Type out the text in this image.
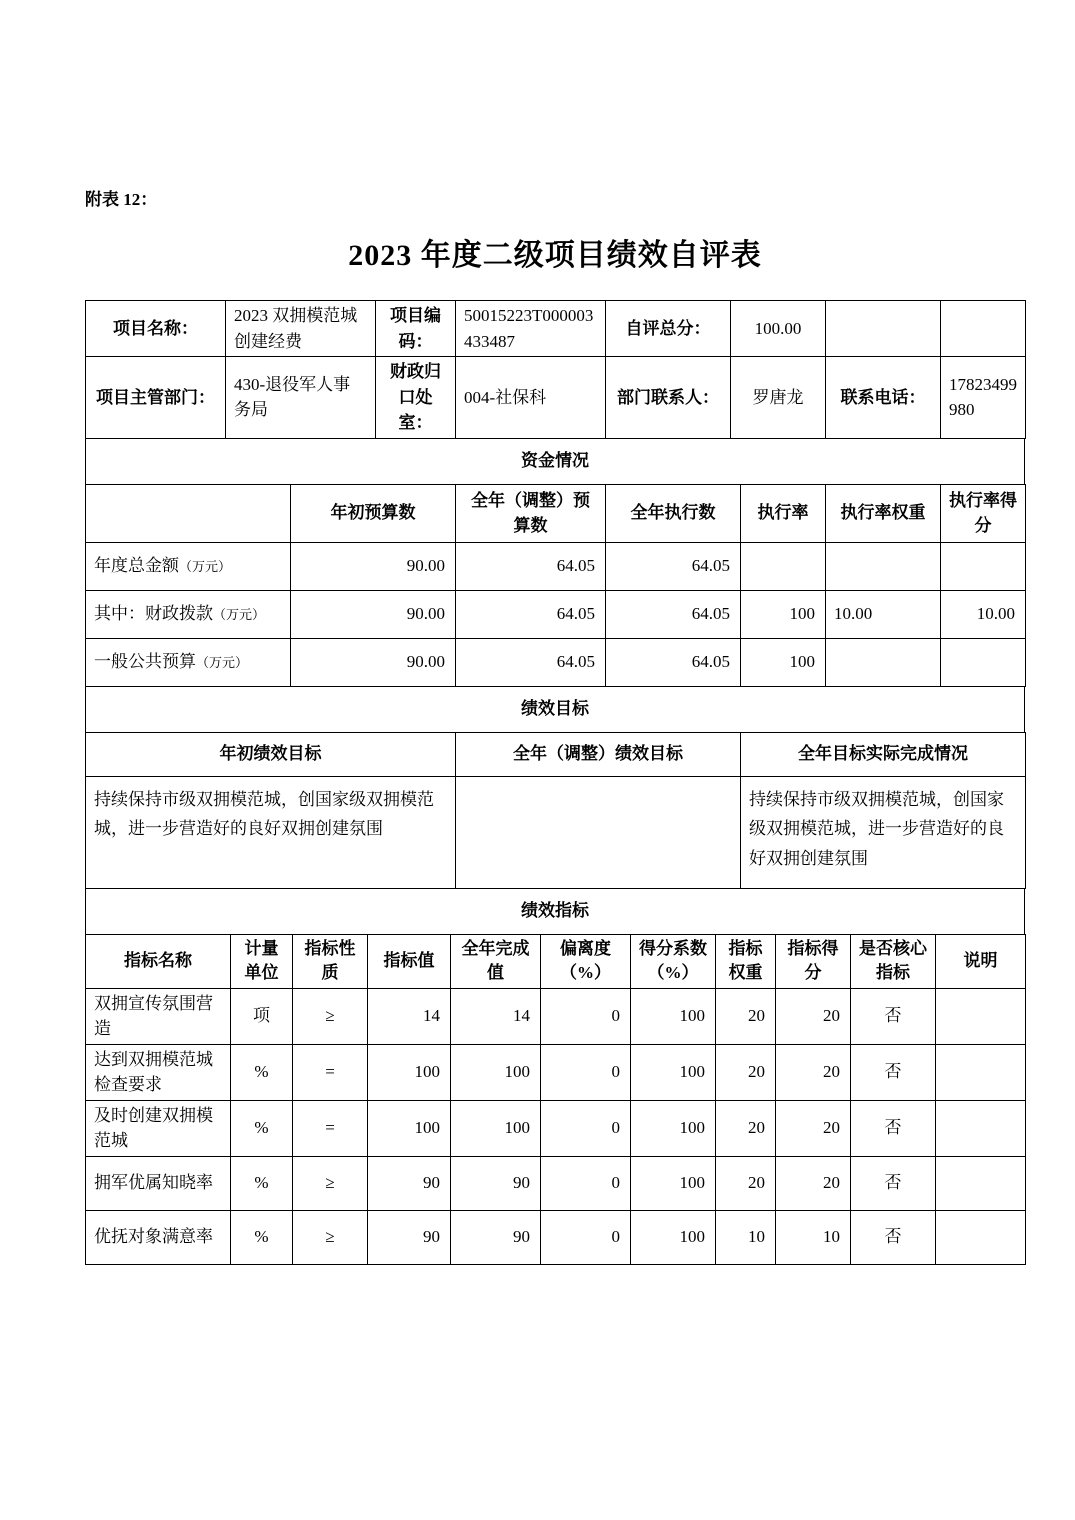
附表 12：
2023 年度二级项目绩效自评表
项目名称：	2023 双拥模范城创建经费	项目编码：	50015223T000003433487	自评总分：	100.00		
项目主管部门：	430-退役军人事务局	财政归口处室：	004-社保科	部门联系人：	罗唐龙	联系电话：	17823499980
资金情况
	年初预算数	全年（调整）预算数	全年执行数	执行率	执行率权重	执行率得分
年度总金额（万元）	90.00	64.05	64.05			
其中：财政拨款（万元）	90.00	64.05	64.05	100	10.00	10.00
一般公共预算（万元）	90.00	64.05	64.05	100		
绩效目标
年初绩效目标	全年（调整）绩效目标	全年目标实际完成情况
持续保持市级双拥模范城，创国家级双拥模范城，进一步营造好的良好双拥创建氛围		持续保持市级双拥模范城，创国家级双拥模范城，进一步营造好的良好双拥创建氛围
绩效指标
指标名称	计量单位	指标性质	指标值	全年完成值	偏离度（%）	得分系数（%）	指标权重	指标得分	是否核心指标	说明
双拥宣传氛围营造	项	≥	14	14	0	100	20	20	否	
达到双拥模范城检查要求	%	=	100	100	0	100	20	20	否	
及时创建双拥模范城	%	=	100	100	0	100	20	20	否	
拥军优属知晓率	%	≥	90	90	0	100	20	20	否	
优抚对象满意率	%	≥	90	90	0	100	10	10	否	
